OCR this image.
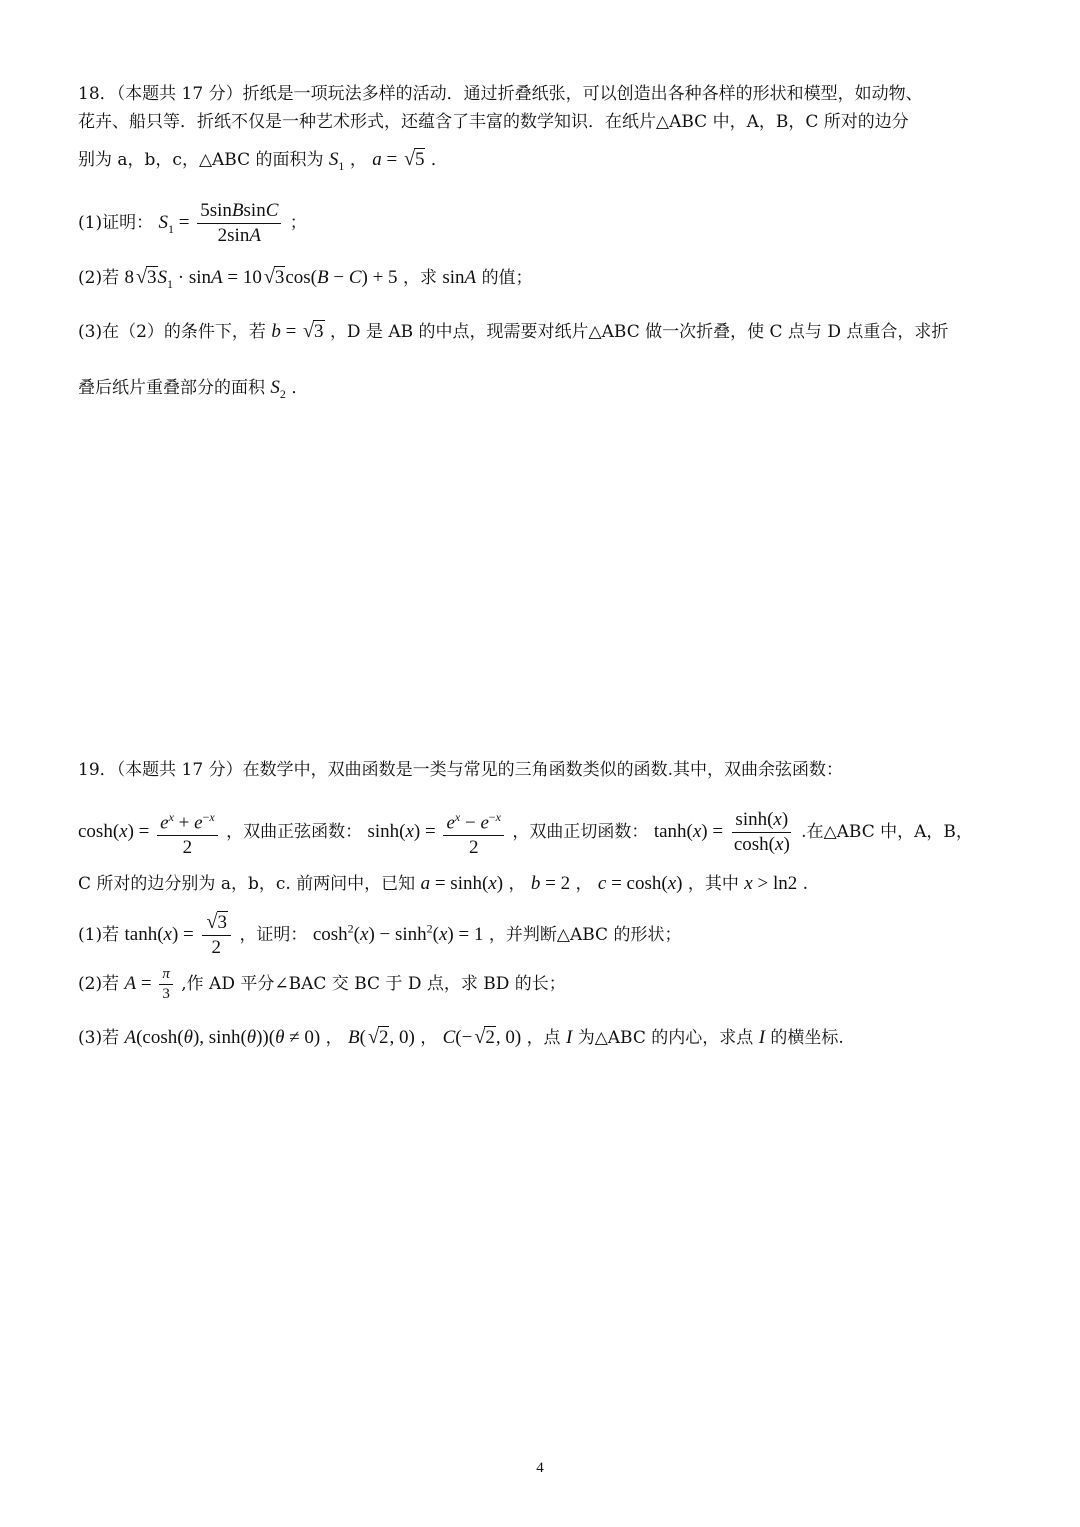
18．（本题共 17 分）折纸是一项玩法多样的活动．通过折叠纸张，可以创造出各种各样的形状和模型，如动物、
花卉、船只等．折纸不仅是一种艺术形式，还蕴含了丰富的数学知识．在纸片△ABC 中，A，B，C 所对的边分
别为 a，b，c，△ABC 的面积为 $S_1$ ， a = √ 5 ．
(1)证明： $S_1 = \frac{\text{5sinBsinC}}{2\sin A}$ ；
(2)若 8 √ $3S_1 \cdot \sin A = 10$ √ 3cos(B − C) + 5 ，求 sinA 的值；
(3)在（2）的条件下，若 b = √ 3 ，D 是 AB 的中点，现需要对纸片△ABC 做一次折叠，使 C 点与 D 点重合，求折
叠后纸片重叠部分的面积 $S_2$ ．
19．（本题共 17 分）在数学中，双曲函数是一类与常见的三角函数类似的函数.其中，双曲余弦函数：
$\cosh(x) = \frac{e^x + e^{-x}}{2}$ ，双曲正弦函数： $\sinh(x) = \frac{e^x - e^{-x}}{2}$ ，双曲正切函数： $\tanh(x) = \frac{\sinh(x)}{\cosh(x)}$ .在△ABC 中，A，B，
C 所对的边分别为 a，b，c. 前两问中，已知 a = sinh(x) ， b = 2 ， c = cosh(x) ，其中 x > ln2 .
(1)若 $\tanh(x) = \frac{√ 3}{2}$ ，证明： $\cosh^2(x) - \sinh^2(x) = 1$ ，并判断△ABC 的形状；
(2)若 $A = \frac{\pi}{3}$ ,作 AD 平分∠BAC 交 BC 于 D 点，求 BD 的长；
(3)若 A(cosh(θ), sinh(θ))(θ ≠ 0) ， B( √ 2, 0) ， C(− √ 2, 0) ，点 I 为△ABC 的内心，求点 I 的横坐标.
4
